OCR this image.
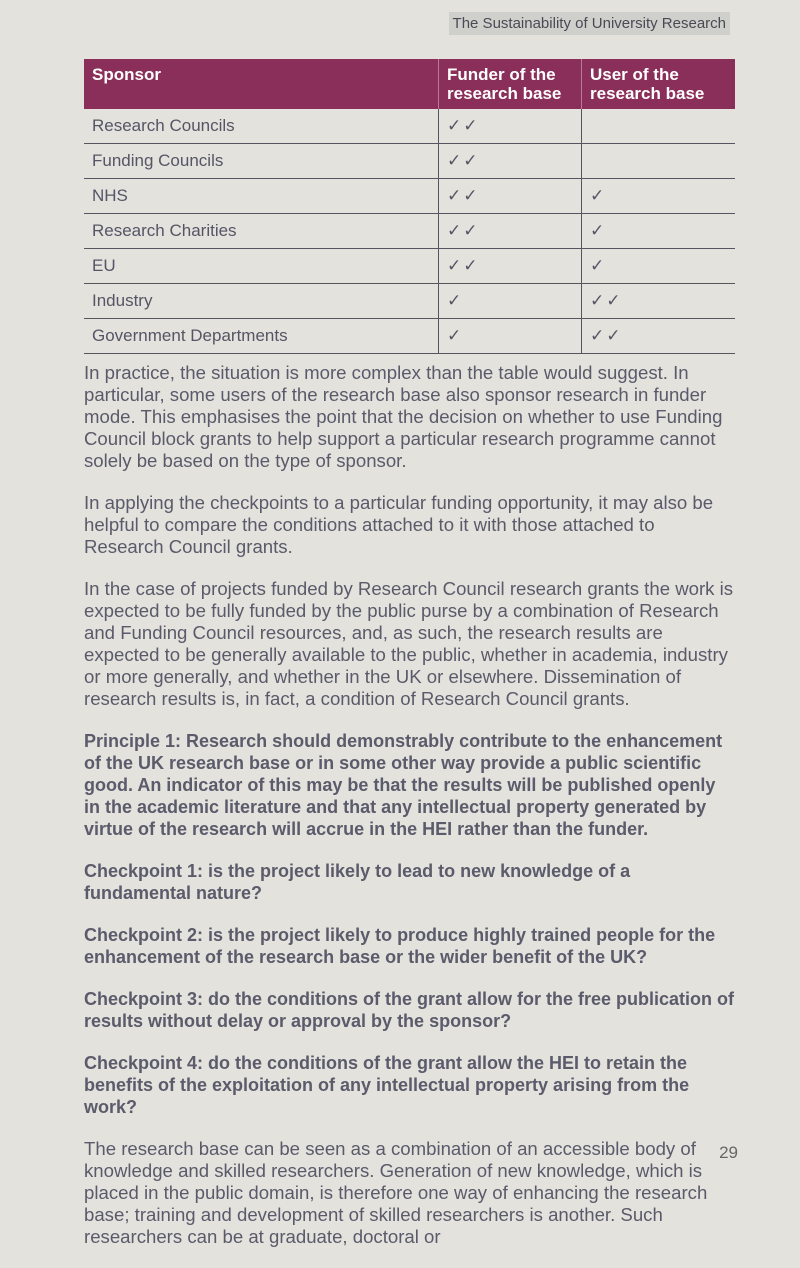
The Sustainability of University Research
Sponsor	Funder of the research base	User of the research base
Research Councils	✓✓	
Funding Councils	✓✓	
NHS	✓✓	✓
Research Charities	✓✓	✓
EU	✓✓	✓
Industry	✓	✓✓
Government Departments	✓	✓✓

In practice, the situation is more complex than the table would suggest. In particular, some users of the research base also sponsor research in funder mode. This emphasises the point that the decision on whether to use Funding Council block grants to help support a particular research programme cannot solely be based on the type of sponsor.

In applying the checkpoints to a particular funding opportunity, it may also be helpful to compare the conditions attached to it with those attached to Research Council grants.

In the case of projects funded by Research Council research grants the work is expected to be fully funded by the public purse by a combination of Research and Funding Council resources, and, as such, the research results are expected to be generally available to the public, whether in academia, industry or more generally, and whether in the UK or elsewhere. Dissemination of research results is, in fact, a condition of Research Council grants.

Principle 1: Research should demonstrably contribute to the enhancement of the UK research base or in some other way provide a public scientific good. An indicator of this may be that the results will be published openly in the academic literature and that any intellectual property generated by virtue of the research will accrue in the HEI rather than the funder.

Checkpoint 1: is the project likely to lead to new knowledge of a fundamental nature?

Checkpoint 2: is the project likely to produce highly trained people for the enhancement of the research base or the wider benefit of the UK?

Checkpoint 3: do the conditions of the grant allow for the free publication of results without delay or approval by the sponsor?

Checkpoint 4: do the conditions of the grant allow the HEI to retain the benefits of the exploitation of any intellectual property arising from the work?

The research base can be seen as a combination of an accessible body of knowledge and skilled researchers. Generation of new knowledge, which is placed in the public domain, is therefore one way of enhancing the research base; training and development of skilled researchers is another. Such researchers can be at graduate, doctoral or

29
